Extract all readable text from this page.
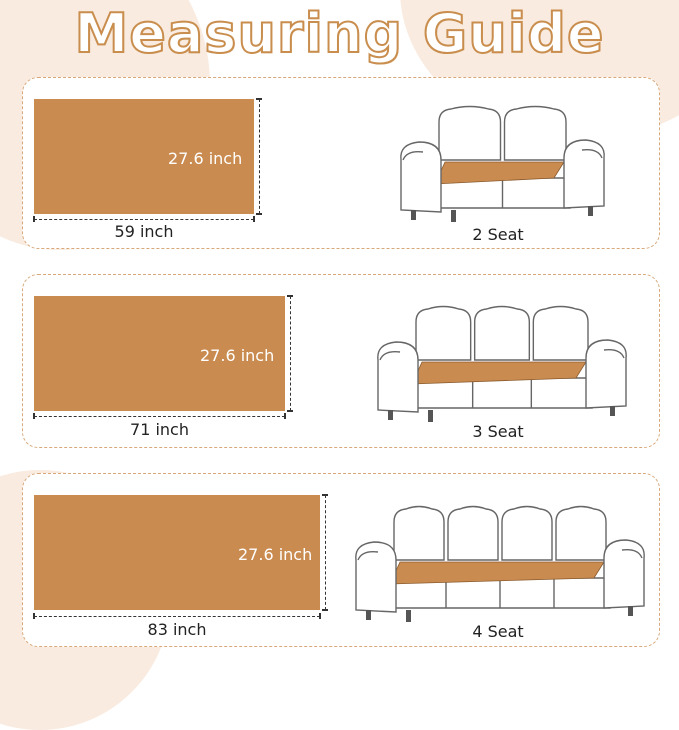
Measuring Guide
27.6 inch
59 inch	2 Seat
27.6 inch
71 inch	3 Seat
27.6 inch
83 inch	4 Seat
